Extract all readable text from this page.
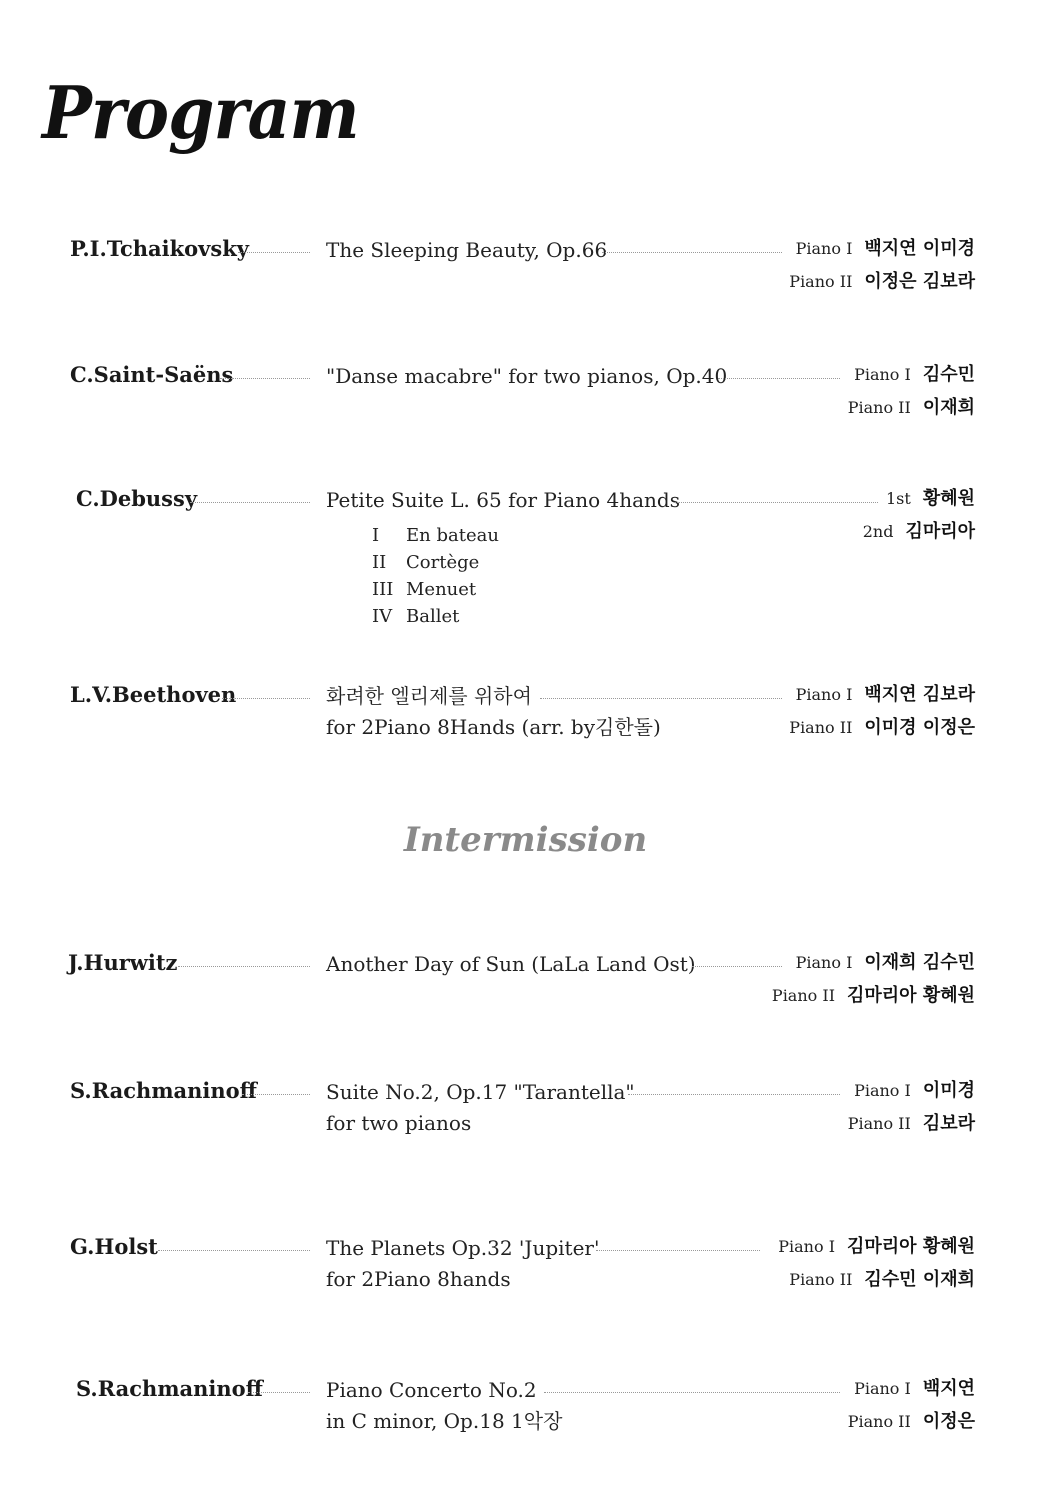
Program
P.I.Tchaikovsky	The Sleeping Beauty, Op.66	Piano I 백지연 이미경
Piano II 이정은 김보라
C.Saint-Saëns	"Danse macabre" for two pianos, Op.40	Piano I 김수민
Piano II 이재희
C.Debussy	Petite Suite L. 65 for Piano 4hands
I	En bateau
II	Cortège
III Menuet
IV Ballet
1st 황혜원
2nd 김마리아
L.V.Beethoven	화려한 엘리제를 위하여
for 2Piano 8Hands (arr. by김한돌)
Piano I 백지연 김보라
Piano II 이미경 이정은
Intermission
J.Hurwitz	Another Day of Sun (LaLa Land Ost)	Piano I 이재희 김수민
Piano II 김마리아 황혜원
S.Rachmaninoff	Suite No.2, Op.17 "Tarantella"
for two pianos
Piano I 이미경
Piano II 김보라
G.Holst	The Planets Op.32 'Jupiter'
for 2Piano 8hands
Piano I 김마리아 황혜원
Piano II 김수민 이재희
S.Rachmaninoff	Piano Concerto No.2
in C minor, Op.18 1악장
Piano I 백지연
Piano II 이정은
